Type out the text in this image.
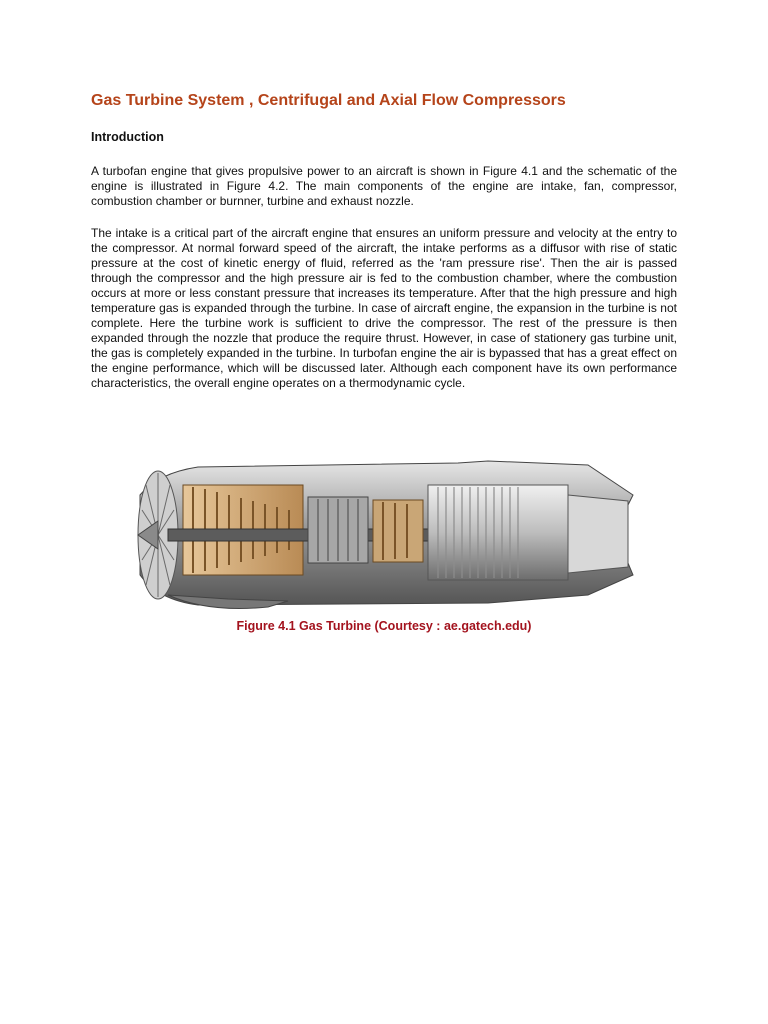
Gas Turbine System , Centrifugal and Axial Flow Compressors
Introduction

A turbofan engine that gives propulsive power to an aircraft is shown in Figure 4.1 and the schematic of the engine is illustrated in Figure 4.2. The main components of the engine are intake, fan, compressor, combustion chamber or burnner, turbine and exhaust nozzle.

The intake is a critical part of the aircraft engine that ensures an uniform pressure and velocity at the entry to the compressor. At normal forward speed of the aircraft, the intake performs as a diffusor with rise of static pressure at the cost of kinetic energy of fluid, referred as the 'ram pressure rise'. Then the air is passed through the compressor and the high pressure air is fed to the combustion chamber, where the combustion occurs at more or less constant pressure that increases its temperature. After that the high pressure and high temperature gas is expanded through the turbine. In case of aircraft engine, the expansion in the turbine is not complete. Here the turbine work is sufficient to drive the compressor. The rest of the pressure is then expanded through the nozzle that produce the require thrust. However, in case of stationery gas turbine unit, the gas is completely expanded in the turbine. In turbofan engine the air is bypassed that has a great effect on the engine performance, which will be discussed later. Although each component have its own performance characteristics, the overall engine operates on a thermodynamic cycle.

Figure 4.1 Gas Turbine (Courtesy : ae.gatech.edu)
